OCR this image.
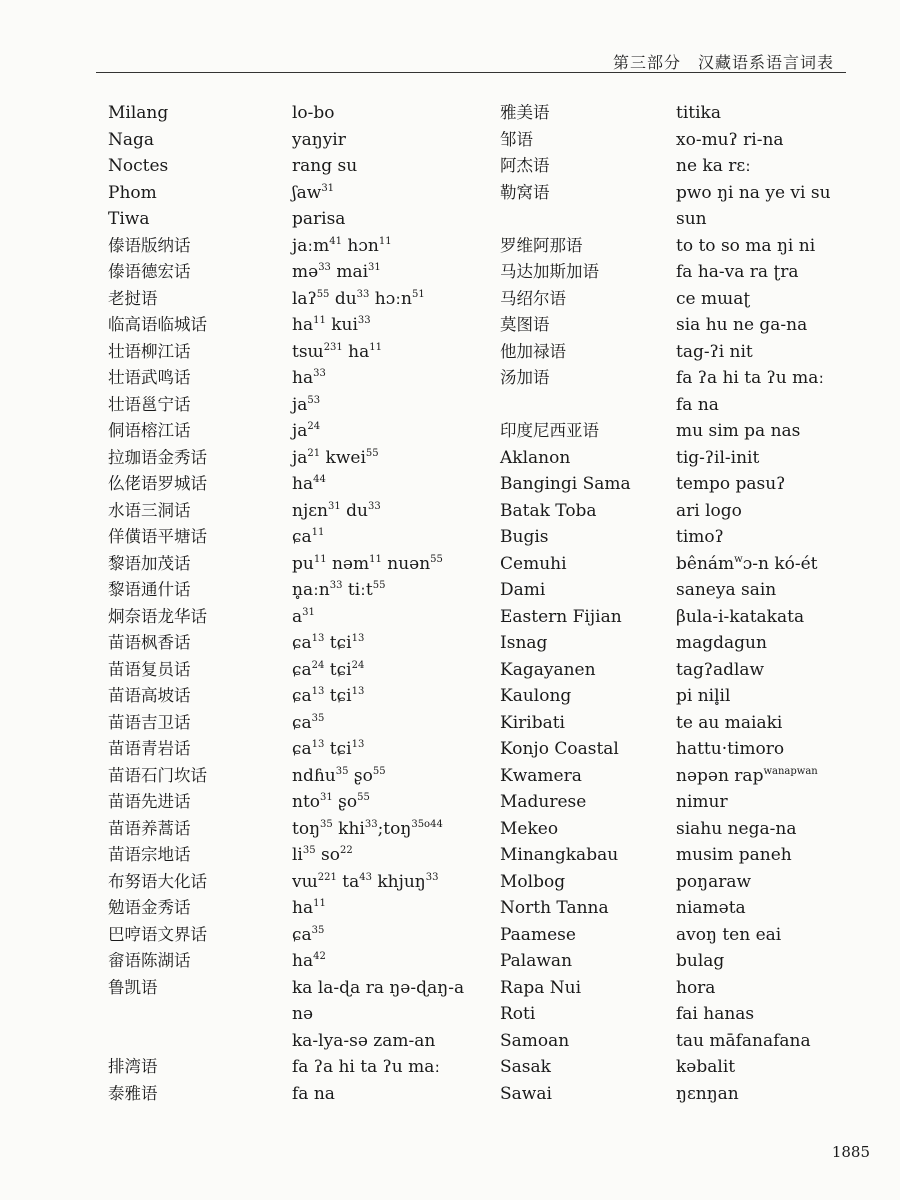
第三部分　汉藏语系语言词表
Milang
Naga
Noctes
Phom
Tiwa
傣语版纳话
傣语德宏话
老挝语
临高语临城话
壮语柳江话
壮语武鸣话
壮语邕宁话
侗语榕江话
拉珈语金秀话
仫佬语罗城话
水语三洞话
佯僙语平塘话
黎语加茂话
黎语通什话
炯奈语龙华话
苗语枫香话
苗语复员话
苗语高坡话
苗语吉卫话
苗语青岩话
苗语石门坎话
苗语先进话
苗语养蒿话
苗语宗地话
布努语大化话
勉语金秀话
巴哼语文界话
畲语陈湖话
鲁凯语
排湾语
泰雅语
lo-bo
yaŋyir
rang su
ʃaw$^{31}$
parisa
jaːm$^{41}$ hɔn$^{11}$
mə$^{33}$ mai$^{31}$
laʔ$^{55}$ $du^{33}$ hɔːn$^{51}$
$ha^{11}$ kui$^{33}$
tsɯ$^{231}$ $ha^{11}$
$ha^{33}$
$ja^{53}$
$ja^{24}$
$ja^{21}$ kwei$^{55}$
$ha^{44}$
njɛn$^{31}$ $du^{33}$
ɕa$^{11}$
$pu^{11}$ nəm$^{11}$ nuən$^{55}$
n̥aːn$^{33}$ tiːt$^{55}$
$a^{31}$
ɕa$^{13}$ tɕi$^{13}$
ɕa$^{24}$ tɕi$^{24}$
ɕa$^{13}$ tɕi$^{13}$
ɕa$^{35}$
ɕa$^{13}$ tɕi$^{13}$
ndɦu$^{35}$ ʂo$^{55}$
nto$^{31}$ ʂo$^{55}$
toŋ$^{35}$ khi$^{33}$;toŋ$^{35o44}$
$li^{35}$ $so^{22}$
vɯ$^{221}$ $ta^{43}$ khjuŋ$^{33}$
$ha^{11}$
ɕa$^{35}$
$ha^{42}$
ka la-ɖa ra ŋə-ɖaŋ-a
nə
ka-lya-sə zam-an
fa ʔa hi ta ʔu maː
fa na
雅美语
邹语
阿杰语
勒窝语
罗维阿那语
马达加斯加语
马绍尔语
莫图语
他加禄语
汤加语
印度尼西亚语
Aklanon
Bangingi Sama
Batak Toba
Bugis
Cemuhi
Dami
Eastern Fijian
Isnag
Kagayanen
Kaulong
Kiribati
Konjo Coastal
Kwamera
Madurese
Mekeo
Minangkabau
Molbog
North Tanna
Paamese
Palawan
Rapa Nui
Roti
Samoan
Sasak
Sawai
titika
xo-muʔ ri-na
ne ka rɛː
pwo ŋi na ye vi su
sun
to to so ma ŋi ni
fa ha-va ra ʈra
ce mɯaʈ
sia hu ne ga-na
tag-ʔi nit
fa ʔa hi ta ʔu maː
fa na
mu sim pa nas
tig-ʔil-init
tempo pasuʔ
ari logo
timoʔ
bênám$^w$ɔ-n kó-ét
saneya sain
βula-i-katakata
magdagun
tagʔadlaw
pi nil̥il
te au maiaki
hattu·timoro
nəpən rap$^{wanapwan}$
nimur
siahu nega-na
musim paneh
poŋaraw
niaməta
avoŋ ten eai
bulag
hora
fai hanas
tau māfanafana
kəbalit
ŋɛnŋan
1885
